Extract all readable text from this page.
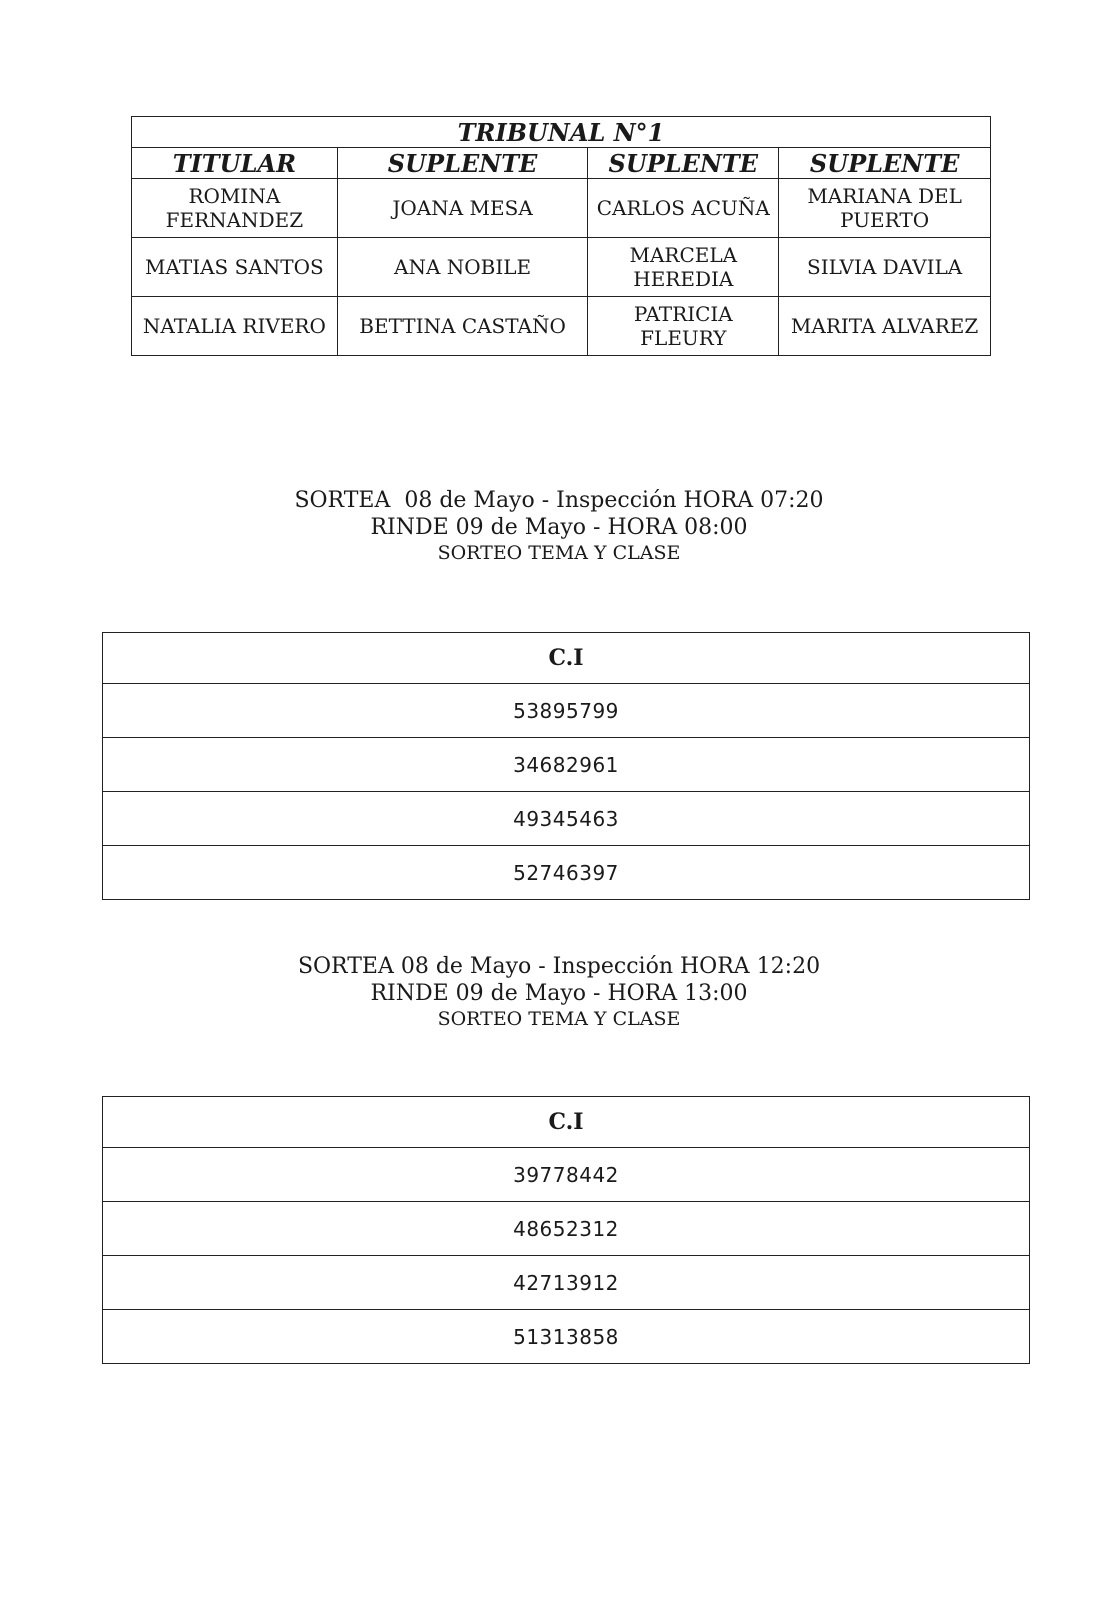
TRIBUNAL N°1			
TITULAR	SUPLENTE	SUPLENTE	SUPLENTE
ROMINA FERNANDEZ	JOANA MESA	CARLOS ACUÑA	MARIANA DEL PUERTO
MATIAS SANTOS	ANA NOBILE	MARCELA HEREDIA	SILVIA DAVILA
NATALIA RIVERO	BETTINA CASTAÑO	PATRICIA FLEURY	MARITA ALVAREZ
SORTEA  08 de Mayo - Inspección HORA 07:20
RINDE 09 de Mayo - HORA 08:00
SORTEO TEMA Y CLASE
C.I
53895799
34682961
49345463
52746397
SORTEA 08 de Mayo - Inspección HORA 12:20
RINDE 09 de Mayo - HORA 13:00
SORTEO TEMA Y CLASE
C.I
39778442
48652312
42713912
51313858
